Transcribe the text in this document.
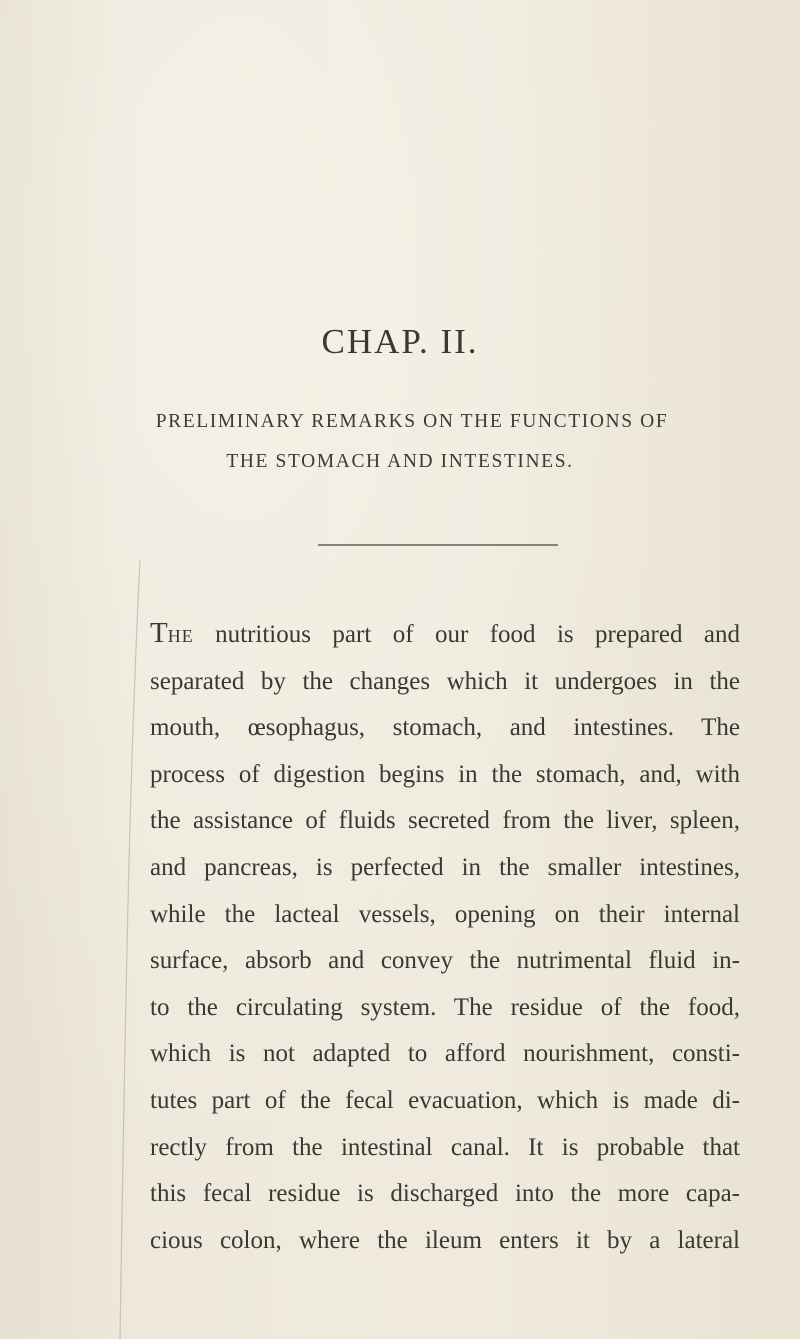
CHAP. II.
PRELIMINARY REMARKS ON THE FUNCTIONS OF
THE STOMACH AND INTESTINES.
The nutritious part of our food is prepared and
separated by the changes which it undergoes in the
mouth, œsophagus, stomach, and intestines. The
process of digestion begins in the stomach, and, with
the assistance of fluids secreted from the liver, spleen,
and pancreas, is perfected in the smaller intestines,
while the lacteal vessels, opening on their internal
surface, absorb and convey the nutrimental fluid in-
to the circulating system. The residue of the food,
which is not adapted to afford nourishment, consti-
tutes part of the fecal evacuation, which is made di-
rectly from the intestinal canal. It is probable that
this fecal residue is discharged into the more capa-
cious colon, where the ileum enters it by a lateral
